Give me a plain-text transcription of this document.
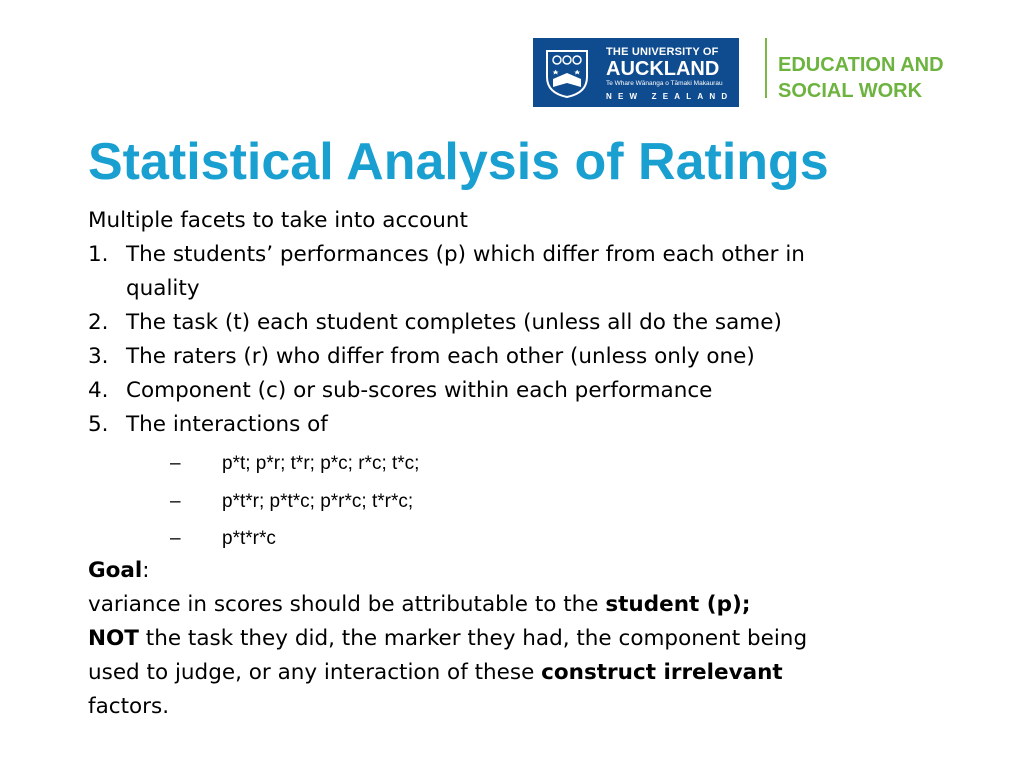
THE UNIVERSITY OF
AUCKLAND
Te Whare Wānanga o Tāmaki Makaurau
NEW ZEALAND
EDUCATION AND
SOCIAL WORK
Statistical Analysis of Ratings
Multiple facets to take into account
1. The students’ performances (p) which differ from each other in
quality
2. The task (t) each student completes (unless all do the same)
3. The raters (r) who differ from each other (unless only one)
4. Component (c) or sub-scores within each performance
5. The interactions of
– p*t; p*r; t*r; p*c; r*c; t*c;
– p*t*r; p*t*c; p*r*c; t*r*c;
– p*t*r*c
Goal:
variance in scores should be attributable to the student (p);
NOT the task they did, the marker they had, the component being
used to judge, or any interaction of these construct irrelevant
factors.
